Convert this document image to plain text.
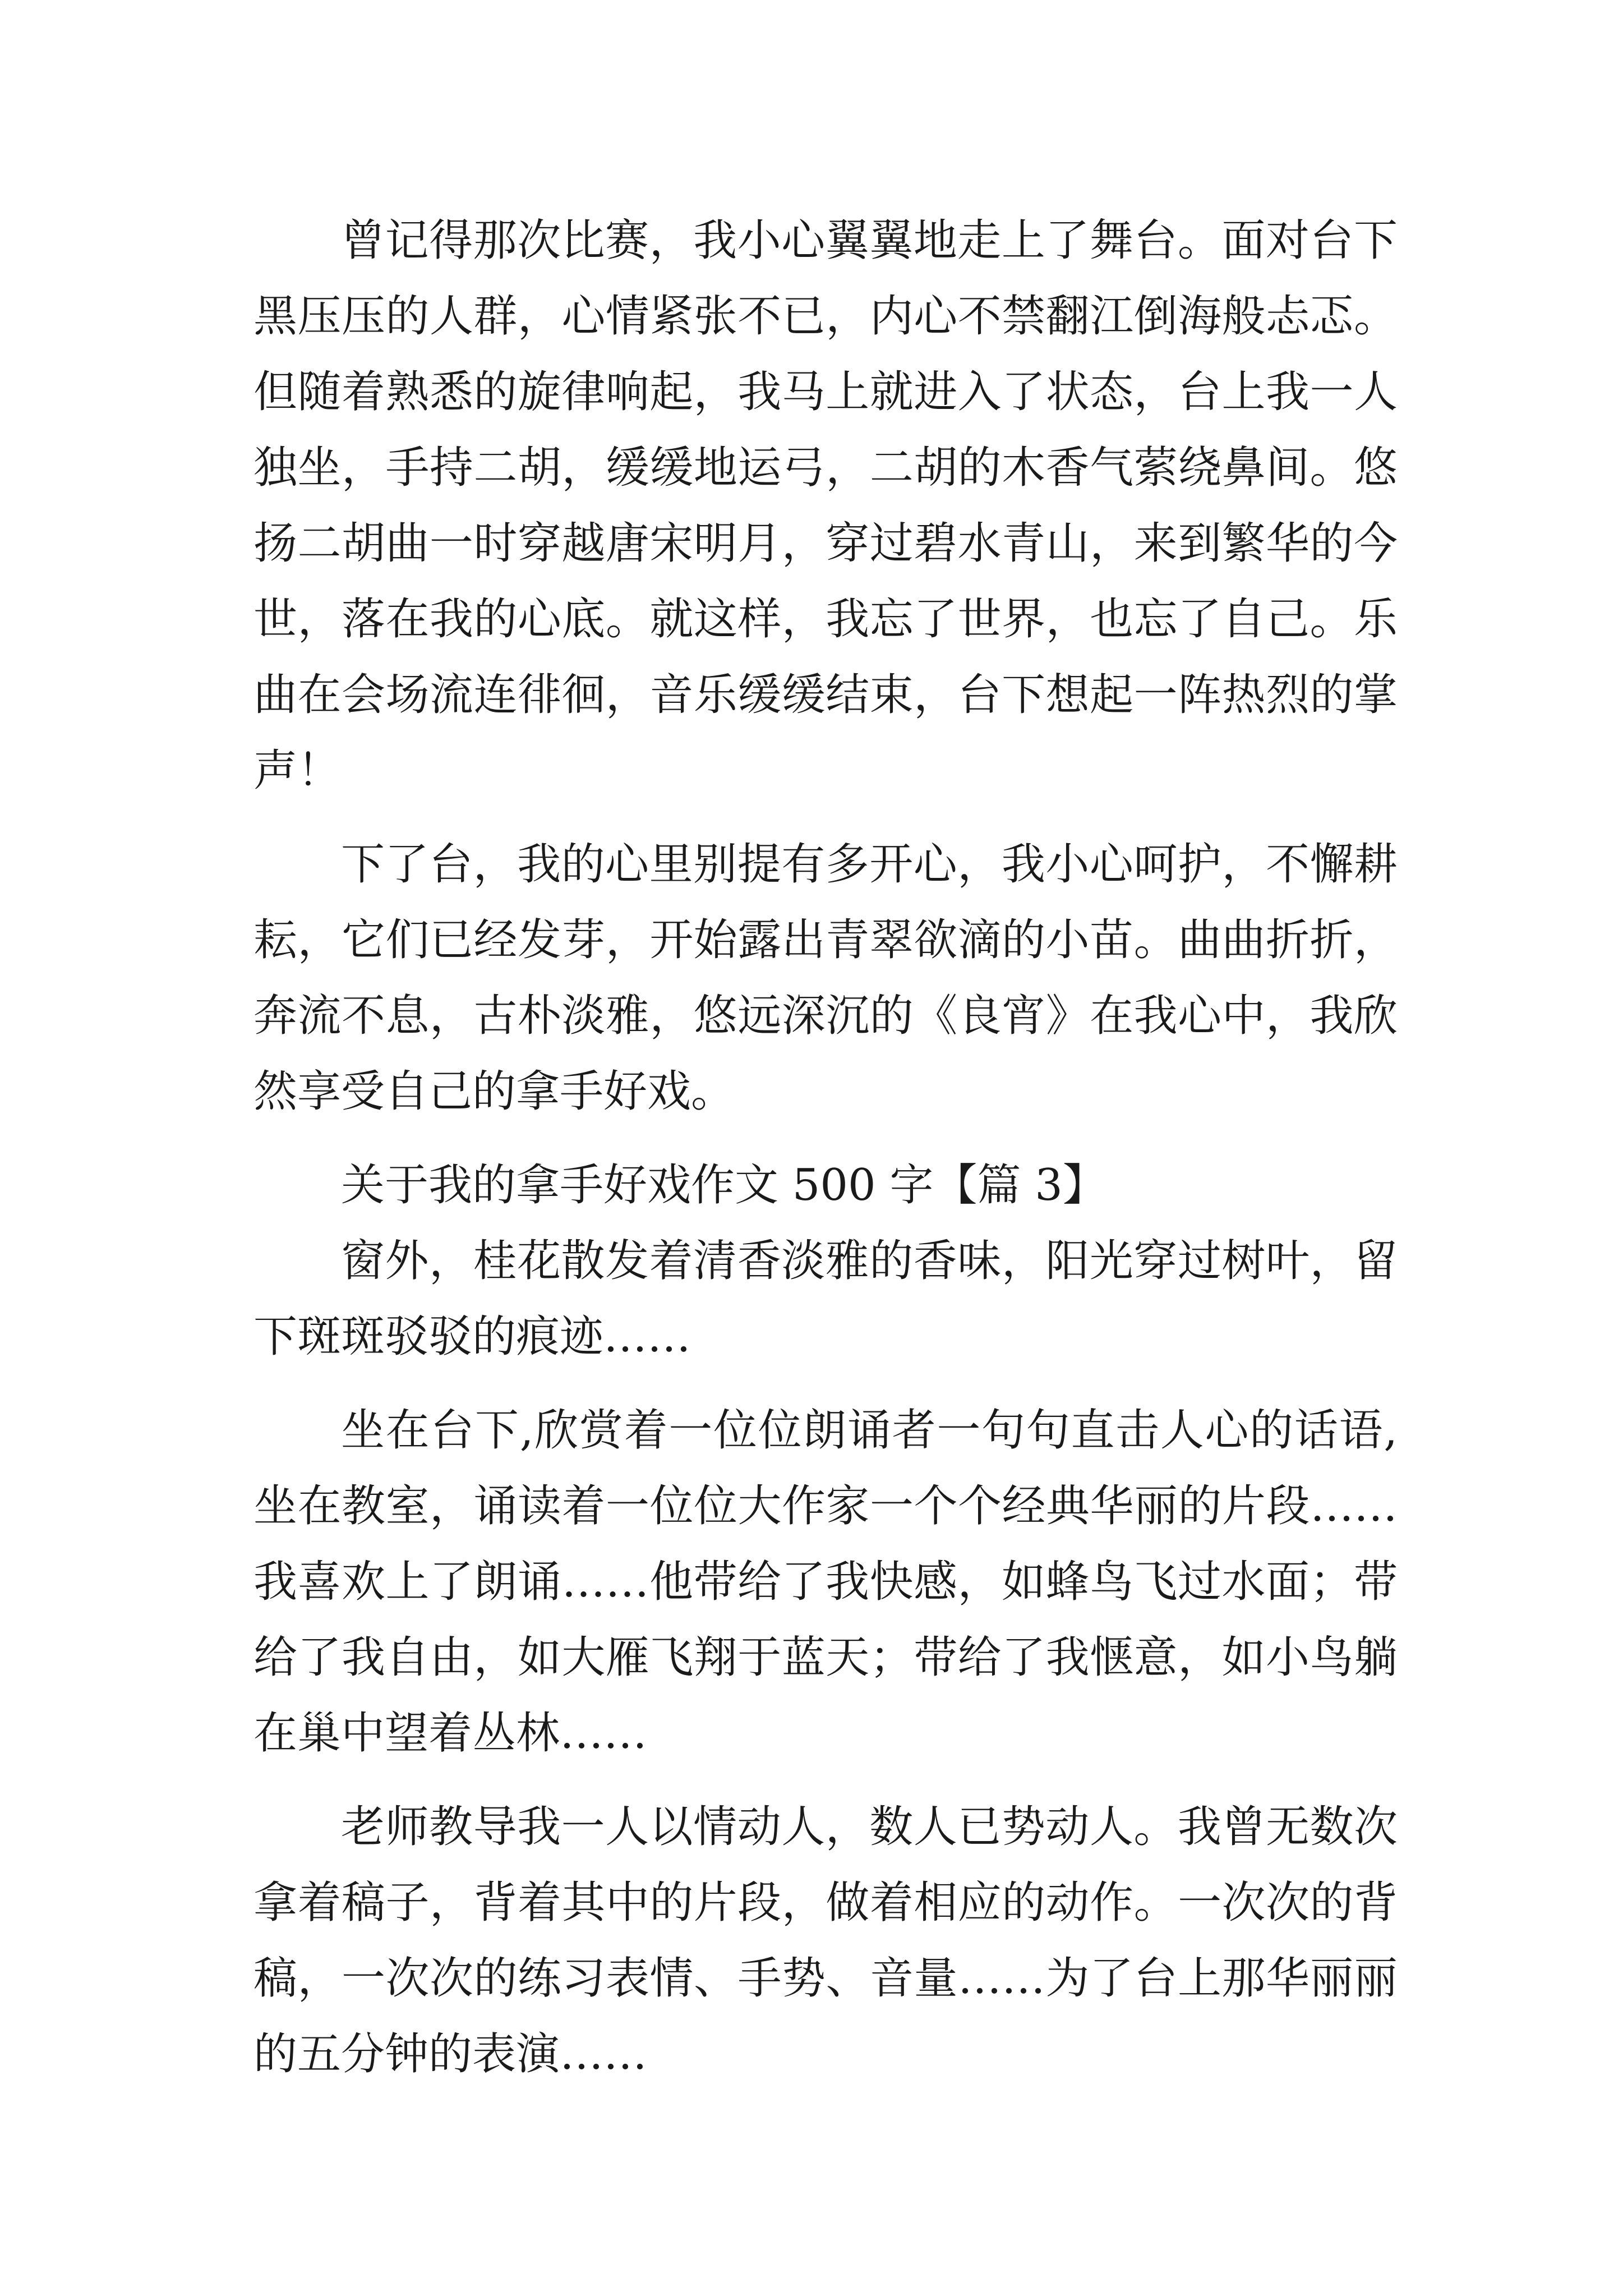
曾记得那次比赛，我小心翼翼地走上了舞台。面对台下黑压压的人群，心情紧张不已，内心不禁翻江倒海般忐忑。但随着熟悉的旋律响起，我马上就进入了状态，台上我一人独坐，手持二胡，缓缓地运弓，二胡的木香气萦绕鼻间。悠扬二胡曲一时穿越唐宋明月，穿过碧水青山，来到繁华的今世，落在我的心底。就这样，我忘了世界，也忘了自己。乐曲在会场流连徘徊，音乐缓缓结束，台下想起一阵热烈的掌声！

下了台，我的心里别提有多开心，我小心呵护，不懈耕耘，它们已经发芽，开始露出青翠欲滴的小苗。曲曲折折，奔流不息，古朴淡雅，悠远深沉的《良宵》在我心中，我欣然享受自己的拿手好戏。

关于我的拿手好戏作文 500 字【篇 3】

窗外，桂花散发着清香淡雅的香味，阳光穿过树叶，留下斑斑驳驳的痕迹……

坐在台下,欣赏着一位位朗诵者一句句直击人心的话语,坐在教室，诵读着一位位大作家一个个经典华丽的片段……我喜欢上了朗诵……他带给了我快感，如蜂鸟飞过水面；带给了我自由，如大雁飞翔于蓝天；带给了我惬意，如小鸟躺在巢中望着丛林……

老师教导我一人以情动人，数人已势动人。我曾无数次拿着稿子，背着其中的片段，做着相应的动作。一次次的背稿，一次次的练习表情、手势、音量……为了台上那华丽丽的五分钟的表演……
